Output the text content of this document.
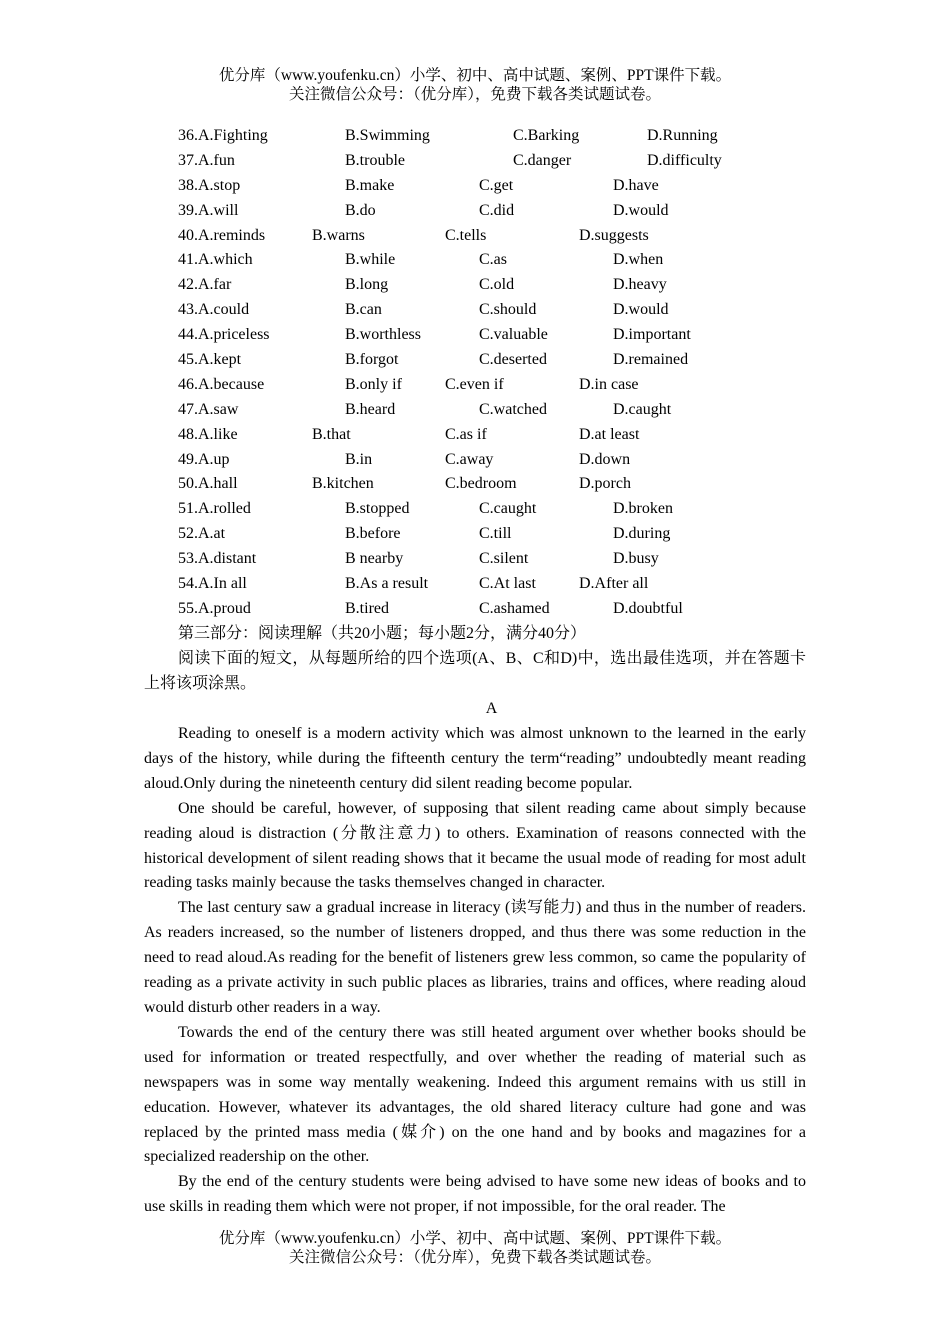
优分库（www.youfenku.cn）小学、初中、高中试题、案例、PPT课件下载。
关注微信公众号：（优分库），免费下载各类试题试卷。
36.A.Fighting	B.Swimming	C.Barking	D.Running
37.A.fun	B.trouble	C.danger	D.difficulty
38.A.stop	B.make	C.get	D.have
39.A.will	B.do	C.did	D.would
40.A.reminds	B.warns	C.tells	D.suggests
41.A.which	B.while	C.as	D.when
42.A.far	B.long	C.old	D.heavy
43.A.could	B.can	C.should	D.would
44.A.priceless	B.worthless	C.valuable	D.important
45.A.kept	B.forgot	C.deserted	D.remained
46.A.because	B.only if	C.even if	D.in case
47.A.saw	B.heard	C.watched	D.caught
48.A.like	B.that	C.as if	D.at least
49.A.up	B.in	C.away	D.down
50.A.hall	B.kitchen	C.bedroom	D.porch
51.A.rolled	B.stopped	C.caught	D.broken
52.A.at	B.before	C.till	D.during
53.A.distant	B nearby	C.silent	D.busy
54.A.In all	B.As a result	C.At last	D.After all
55.A.proud	B.tired	C.ashamed	D.doubtful
第三部分：阅读理解（共20小题；每小题2分，满分40分）
阅读下面的短文，从每题所给的四个选项(A、B、C和D)中，选出最佳选项，并在答题卡上将该项涂黑。
A

Reading to oneself is a modern activity which was almost unknown to the learned in the early days of the history, while during the fifteenth century the term“reading” undoubtedly meant reading aloud.Only during the nineteenth century did silent reading become popular.

One should be careful, however, of supposing that silent reading came about simply because reading aloud is distraction (分散注意力) to others. Examination of reasons connected with the historical development of silent reading shows that it became the usual mode of reading for most adult reading tasks mainly because the tasks themselves changed in character.

The last century saw a gradual increase in literacy (读写能力) and thus in the number of readers. As readers increased, so the number of listeners dropped, and thus there was some reduction in the need to read aloud.As reading for the benefit of listeners grew less common, so came the popularity of reading as a private activity in such public places as libraries, trains and offices, where reading aloud would disturb other readers in a way.

Towards the end of the century there was still heated argument over whether books should be used for information or treated respectfully, and over whether the reading of material such as newspapers was in some way mentally weakening. Indeed this argument remains with us still in education. However, whatever its advantages, the old shared literacy culture had gone and was replaced by the printed mass media (媒介) on the one hand and by books and magazines for a specialized readership on the other.

By the end of the century students were being advised to have some new ideas of books and to use skills in reading them which were not proper, if not impossible, for the oral reader. The

优分库（www.youfenku.cn）小学、初中、高中试题、案例、PPT课件下载。
关注微信公众号：（优分库），免费下载各类试题试卷。
